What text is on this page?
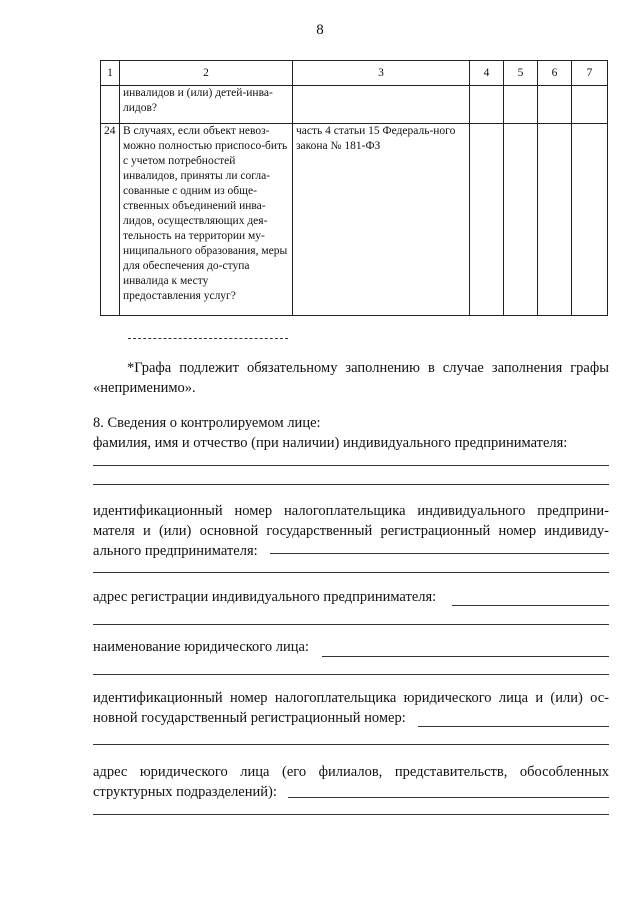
8
1	2	3	4	5	6	7
	инвалидов и (или) детей-инва-лидов?					
24	В случаях, если объект невоз-можно полностью приспосо-бить с учетом потребностей инвалидов, приняты ли согла-сованные с одним из обще-ственных объединений инва-лидов, осуществляющих дея-тельность на территории му-ниципального образования, меры для обеспечения до-ступа инвалида к месту предоставления услуг?	часть 4 статьи 15 Федераль-ного закона № 181-ФЗ				
*Графа подлежит обязательному заполнению в случае заполнения графы «неприменимо».
8. Сведения о контролируемом лице:
фамилия, имя и отчество (при наличии) индивидуального предпринимателя:
идентификационный номер налогоплательщика индивидуального предприни-мателя и (или) основной государственный регистрационный номер индивиду-ального предпринимателя:
адрес регистрации индивидуального предпринимателя:
наименование юридического лица:
идентификационный номер налогоплательщика юридического лица и (или) ос-новной государственный регистрационный номер:
адрес юридического лица (его филиалов, представительств, обособленных структурных подразделений):
